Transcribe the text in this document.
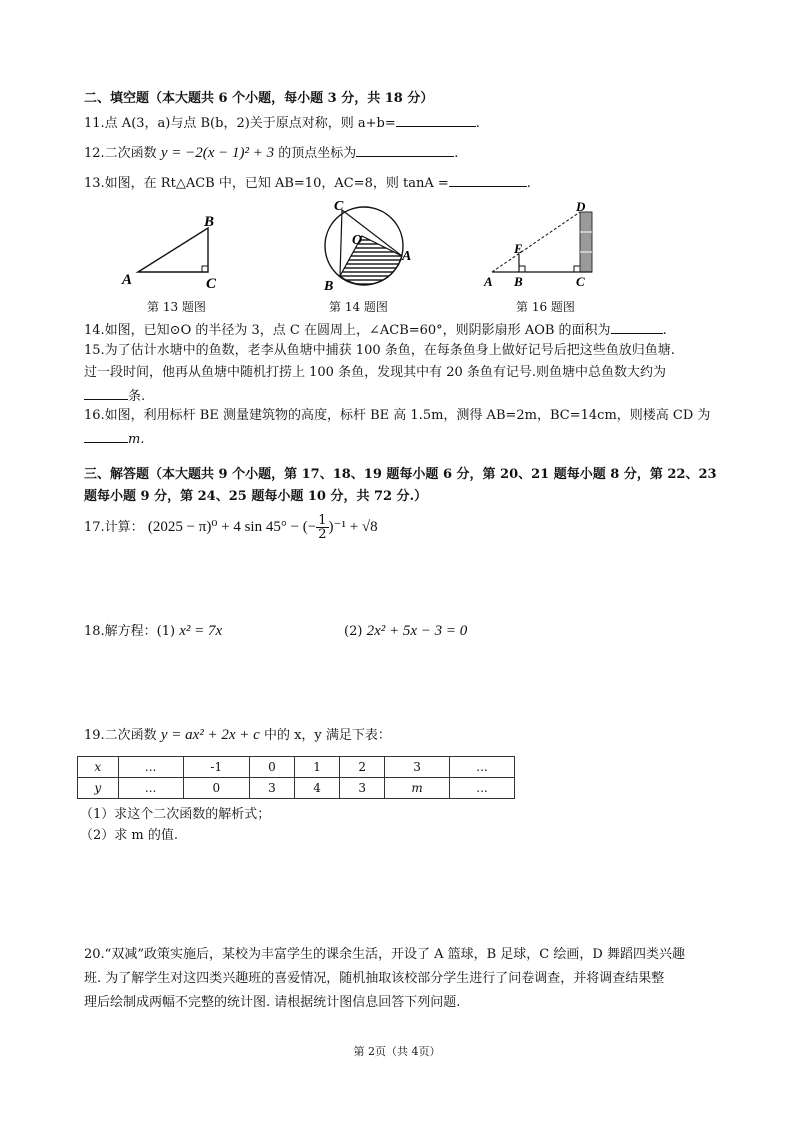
二、填空题（本大题共 6 个小题，每小题 3 分，共 18 分）
11.点 A(3，a)与点 B(b，2)关于原点对称，则 a+b=	.
12.二次函数 y = −2(x − 1)² + 3 的顶点坐标为	.
13.如图，在 Rt△ACB 中，已知 AB=10，AC=8，则 tanA =	.
B
A	C
第 13 题图
C
O
A
B
第 14 题图
D
E
A B	C
第 16 题图
14.如图，已知⊙O 的半径为 3，点 C 在圆周上，∠ACB=60°，则阴影扇形 AOB 的面积为	.
15.为了估计水塘中的鱼数，老李从鱼塘中捕获 100 条鱼，在每条鱼身上做好记号后把这些鱼放归鱼塘.
过一段时间，他再从鱼塘中随机打捞上 100 条鱼，发现其中有 20 条鱼有记号.则鱼塘中总鱼数大约为
条.
16.如图，利用标杆 BE 测量建筑物的高度，标杆 BE 高 1.5m，测得 AB=2m，BC=14cm，则楼高 CD 为
m.
三、解答题（本大题共 9 个小题，第 17、18、19 题每小题 6 分，第 20、21 题每小题 8 分，第 22、23
题每小题 9 分，第 24、25 题每小题 10 分，共 72 分.）
17.计算： (2025 − π)⁰ + 4 sin 45° − (− $\frac{1}{2} )^{-1} + √8$
18.解方程：(1) x² = 7x	(2) 2x² + 5x − 3 = 0
19.二次函数 y = ax² + 2x + c 中的 x，y 满足下表：
x	...	-1	0	1	2	3	...
y	...	0	3	4	3	m	...
（1）求这个二次函数的解析式；
（2）求 m 的值.
20.“双减”政策实施后，某校为丰富学生的课余生活，开设了 A 篮球，B 足球，C 绘画，D 舞蹈四类兴趣
班. 为了解学生对这四类兴趣班的喜爱情况，随机抽取该校部分学生进行了问卷调查，并将调查结果整
理后绘制成两幅不完整的统计图. 请根据统计图信息回答下列问题.
第 2页（共 4页）
